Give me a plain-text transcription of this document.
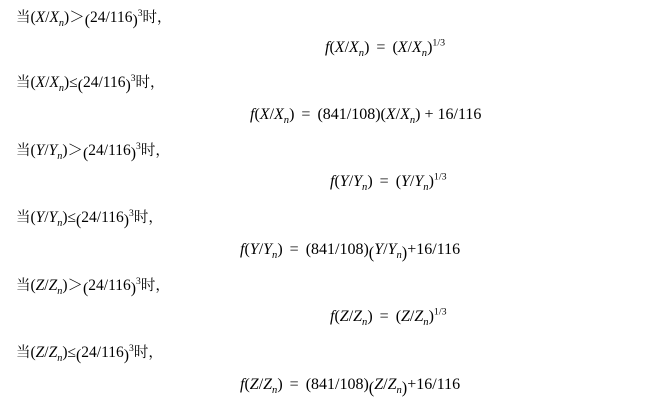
当$(X/X_n)>(24/116)^3$时，
$f(X/X_n) = (X/X_n)^{1/3}$
当$(X/X_n)\le(24/116)^3$时，
$f(X/X_n) = (841/108)(X/X_n) + 16/116$
当$(Y/Y_n)>(24/116)^3$时，
$f(Y/Y_n) = (Y/Y_n)^{1/3}$
当$(Y/Y_n)\le(24/116)^3$时，
$f(Y/Y_n) = (841/108)(Y/Y_n)+16/116$
当$(Z/Z_n)>(24/116)^3$时，
$f(Z/Z_n) = (Z/Z_n)^{1/3}$
当$(Z/Z_n)\le(24/116)^3$时，
$f(Z/Z_n) = (841/108)(Z/Z_n)+16/116$
